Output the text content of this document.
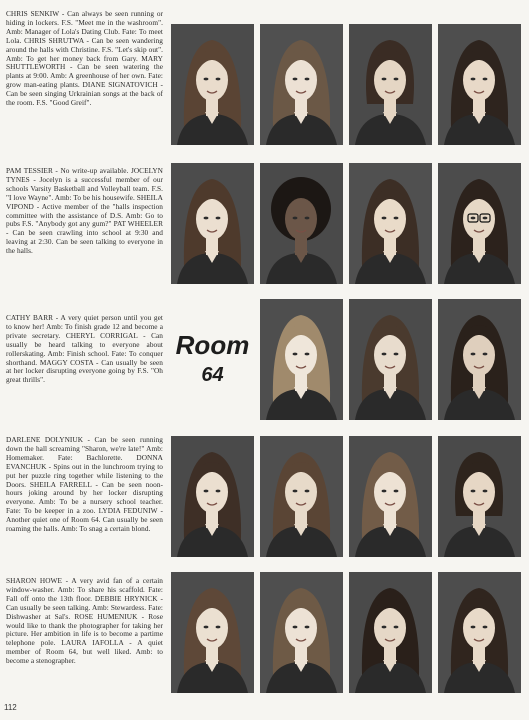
CHRIS SENKIW - Can always be seen running or hiding in lockers. F.S. "Meet me in the washroom". Amb: Manager of Lola's Dating Club. Fate: To meet Lola. CHRIS SHRUTWA - Can be seen wandering around the halls with Christine. F.S. "Let's skip out". Amb: To get her money back from Gary. MARY SHUTTLEWORTH - Can be seen watering the plants at 9:00. Amb: A greenhouse of her own. Fate: grow man-eating plants. DIANE SIGNATOVICH - Can be seen singing Urkrainian songs at the back of the room. F.S. "Good Greif".

PAM TESSIER - No write-up available. JOCELYN TYNES - Jocelyn is a successful member of our schools Varsity Basketball and Volleyball team. F.S. "I love Wayne". Amb: To be his housewife. SHEILA VIPOND - Active member of the "halls inspection committee with the assistance of D.S. Amb: Go to pubs F.S. "Anybody got any gum?" PAT WHEELER - Can be seen crawling into school at 9:30 and leaving at 2:30. Can be seen talking to everyone in the halls.

CATHY BARR - A very quiet person until you get to know her! Amb: To finish grade 12 and become a private secretary. CHERYL CORRIGAL - Can usually be heard talking to everyone about rollerskating. Amb: Finish school. Fate: To conquer shorthand. MAGGY COSTA - Can usually be seen at her locker disrupting everyone going by F.S. "Oh great thrills".

DARLENE DOLYNIUK - Can be seen running down the hall screaming "Sharon, we're late!" Amb: Homemaker. Fate: Bachlorette. DONNA EVANCHUK - Spins out in the lunchroom trying to put her puzzle ring together while listening to the Doors. SHEILA FARRELL - Can be seen noon-hours joking around by her locker disrupting everyone. Amb: To be a nursery school teacher. Fate: To be keeper in a zoo. LYDIA FEDUNIW - Another quiet one of Room 64. Can usually be seen roaming the halls. Amb: To snag a certain blond.

SHARON HOWE - A very avid fan of a certain window-washer. Amb: To share his scaffold. Fate: Fall off onto the 13th floor. DEBBIE HRYNICK - Can usually be seen talking. Amb: Stewardess. Fate: Dishwasher at Sal's. ROSE HUMENIUK - Rose would like to thank the photographer for taking her picture. Her ambition in life is to become a partime telephone pole. LAURA IAFOLLA - A quiet member of Room 64, but well liked. Amb: to become a stenographer.

Room
64
112
